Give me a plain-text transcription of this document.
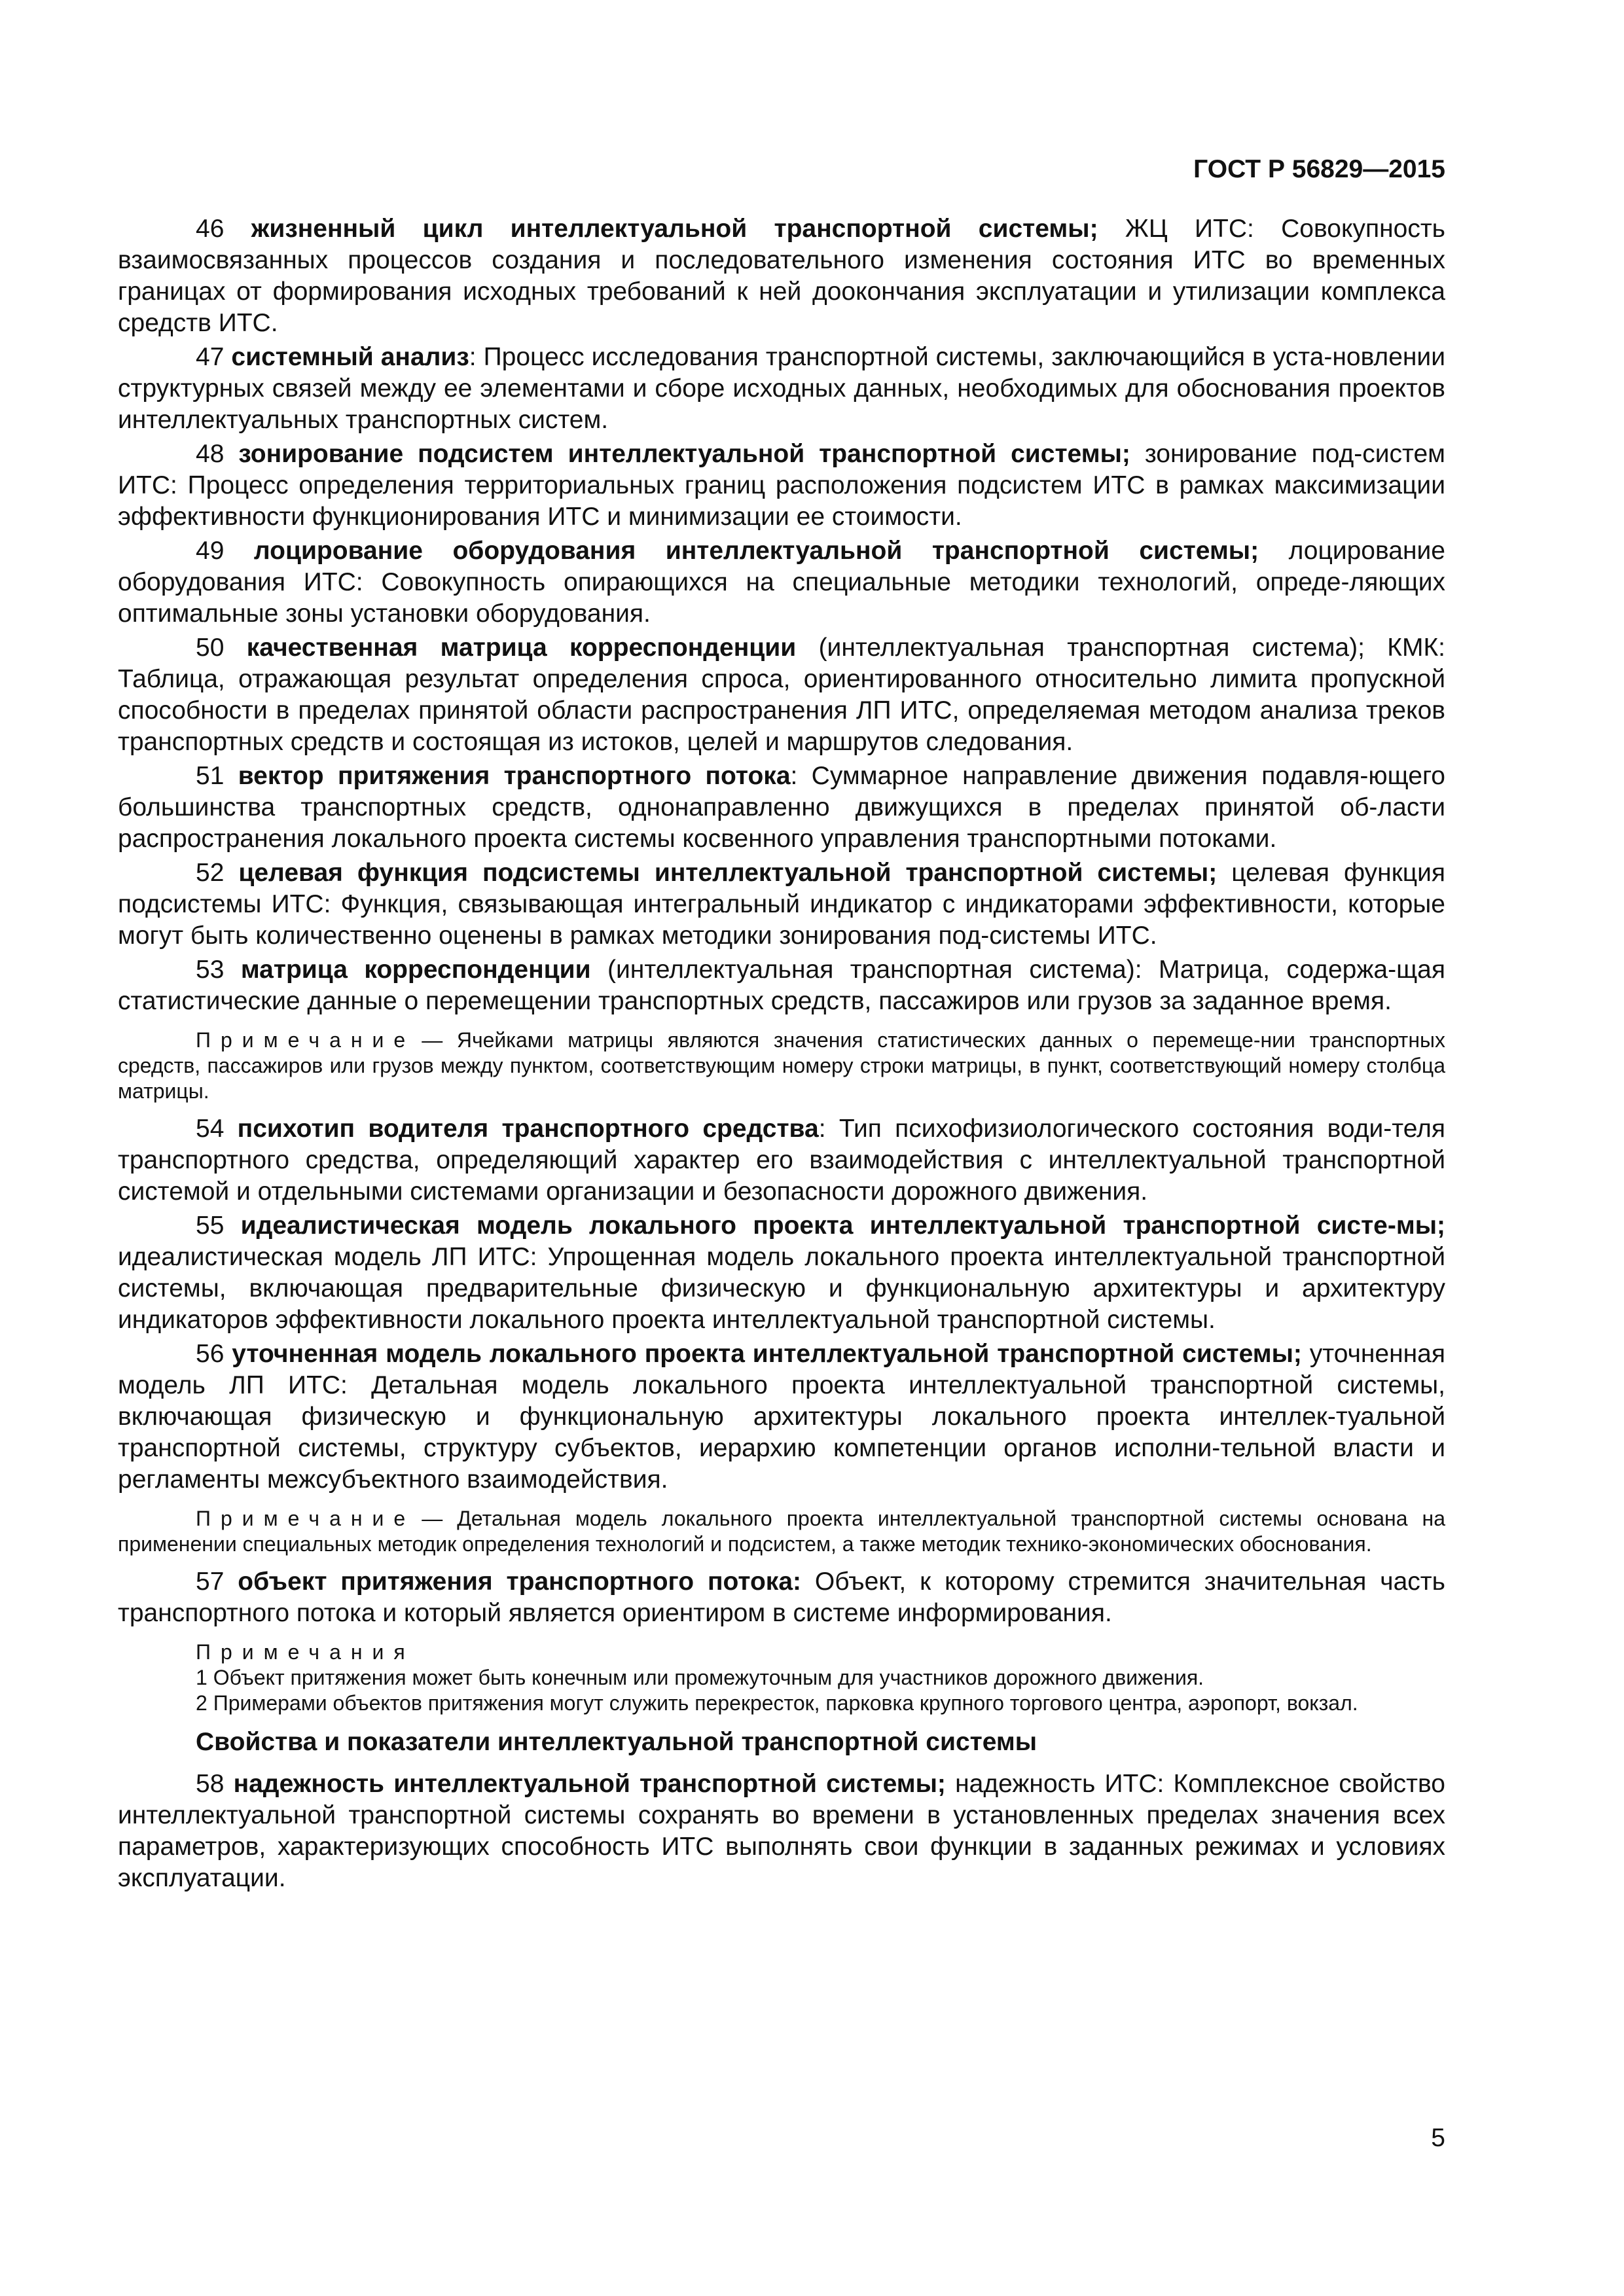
ГОСТ Р 56829—2015

46 жизненный цикл интеллектуальной транспортной системы; ЖЦ ИТС: Совокупность взаимосвязанных процессов создания и последовательного изменения состояния ИТС во временных границах от формирования исходных требований к ней доокончания эксплуатации и утилизации комплекса средств ИТС.

47 системный анализ: Процесс исследования транспортной системы, заключающийся в уста-новлении структурных связей между ее элементами и сборе исходных данных, необходимых для обоснования проектов интеллектуальных транспортных систем.

48 зонирование подсистем интеллектуальной транспортной системы; зонирование под-систем ИТС: Процесс определения территориальных границ расположения подсистем ИТС в рамках максимизации эффективности функционирования ИТС и минимизации ее стоимости.

49 лоцирование оборудования интеллектуальной транспортной системы; лоцирование оборудования ИТС: Совокупность опирающихся на специальные методики технологий, опреде-ляющих оптимальные зоны установки оборудования.

50 качественная матрица корреспонденции (интеллектуальная транспортная система); КМК: Таблица, отражающая результат определения спроса, ориентированного относительно лимита пропускной способности в пределах принятой области распространения ЛП ИТС, определяемая методом анализа треков транспортных средств и состоящая из истоков, целей и маршрутов следования.

51 вектор притяжения транспортного потока: Суммарное направление движения подавля-ющего большинства транспортных средств, однонаправленно движущихся в пределах принятой об-ласти распространения локального проекта системы косвенного управления транспортными потоками.

52 целевая функция подсистемы интеллектуальной транспортной системы; целевая функция подсистемы ИТС: Функция, связывающая интегральный индикатор с индикаторами эффективности, которые могут быть количественно оценены в рамках методики зонирования под-системы ИТС.

53 матрица корреспонденции (интеллектуальная транспортная система): Матрица, содержа-щая статистические данные о перемещении транспортных средств, пассажиров или грузов за заданное время.

Примечание — Ячейками матрицы являются значения статистических данных о перемеще-нии транспортных средств, пассажиров или грузов между пунктом, соответствующим номеру строки матрицы, в пункт, соответствующий номеру столбца матрицы.

54 психотип водителя транспортного средства: Тип психофизиологического состояния води-теля транспортного средства, определяющий характер его взаимодействия с интеллектуальной транспортной системой и отдельными системами организации и безопасности дорожного движения.

55 идеалистическая модель локального проекта интеллектуальной транспортной систе-мы; идеалистическая модель ЛП ИТС: Упрощенная модель локального проекта интеллектуальной транспортной системы, включающая предварительные физическую и функциональную архитектуры и архитектуру индикаторов эффективности локального проекта интеллектуальной транспортной системы.

56 уточненная модель локального проекта интеллектуальной транспортной системы; уточненная модель ЛП ИТС: Детальная модель локального проекта интеллектуальной транспортной системы, включающая физическую и функциональную архитектуры локального проекта интеллек-туальной транспортной системы, структуру субъектов, иерархию компетенции органов исполни-тельной власти и регламенты межсубъектного взаимодействия.

Примечание — Детальная модель локального проекта интеллектуальной транспортной системы основана на применении специальных методик определения технологий и подсистем, а также методик технико-экономических обоснования.

57 объект притяжения транспортного потока: Объект, к которому стремится значительная часть транспортного потока и который является ориентиром в системе информирования.

Примечания

1 Объект притяжения может быть конечным или промежуточным для участников дорожного движения.

2 Примерами объектов притяжения могут служить перекресток, парковка крупного торгового центра, аэропорт, вокзал.

Свойства и показатели интеллектуальной транспортной системы

58 надежность интеллектуальной транспортной системы; надежность ИТС: Комплексное свойство интеллектуальной транспортной системы сохранять во времени в установленных пределах значения всех параметров, характеризующих способность ИТС выполнять свои функции в заданных режимах и условиях эксплуатации.

5
